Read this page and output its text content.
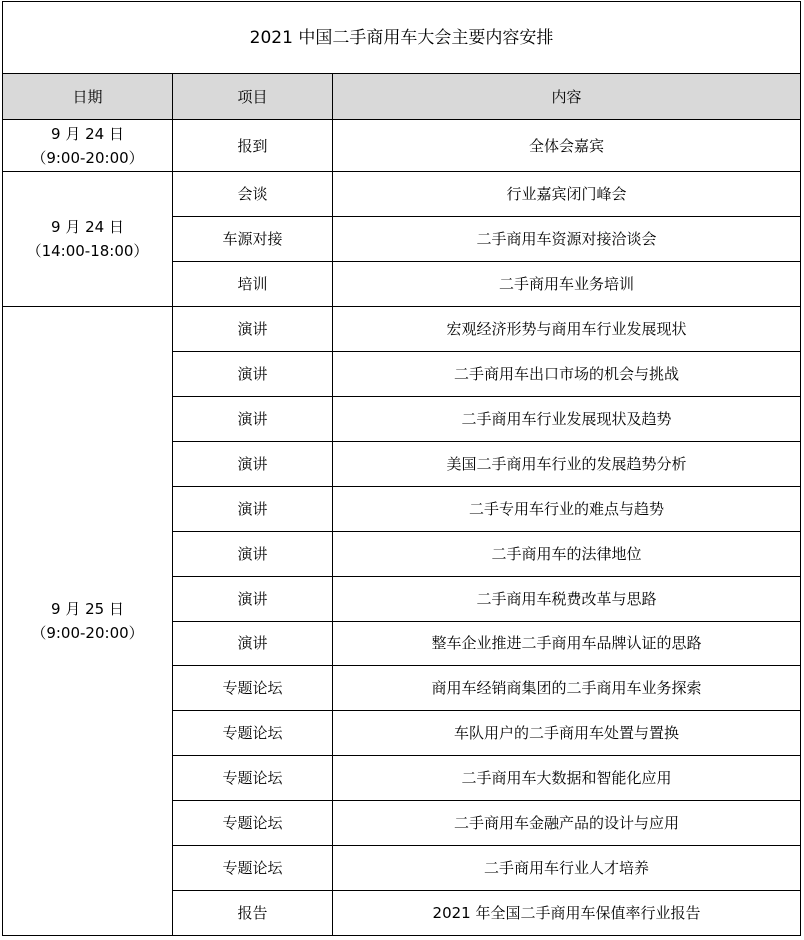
2021 中国二手商用车大会主要内容安排		
日期	项目	内容

9 月 24 日
（9:00-20:00）	报到	全体会嘉宾

9 月 24 日
（14:00-18:00）	会谈	行业嘉宾闭门峰会
	车源对接	二手商用车资源对接洽谈会
	培训	二手商用车业务培训

9 月 25 日
（9:00-20:00）	演讲	宏观经济形势与商用车行业发展现状
	演讲	二手商用车出口市场的机会与挑战
	演讲	二手商用车行业发展现状及趋势
	演讲	美国二手商用车行业的发展趋势分析
	演讲	二手专用车行业的难点与趋势
	演讲	二手商用车的法律地位
	演讲	二手商用车税费改革与思路
	演讲	整车企业推进二手商用车品牌认证的思路
	专题论坛	商用车经销商集团的二手商用车业务探索
	专题论坛	车队用户的二手商用车处置与置换
	专题论坛	二手商用车大数据和智能化应用
	专题论坛	二手商用车金融产品的设计与应用
	专题论坛	二手商用车行业人才培养
	报告	2021 年全国二手商用车保值率行业报告
